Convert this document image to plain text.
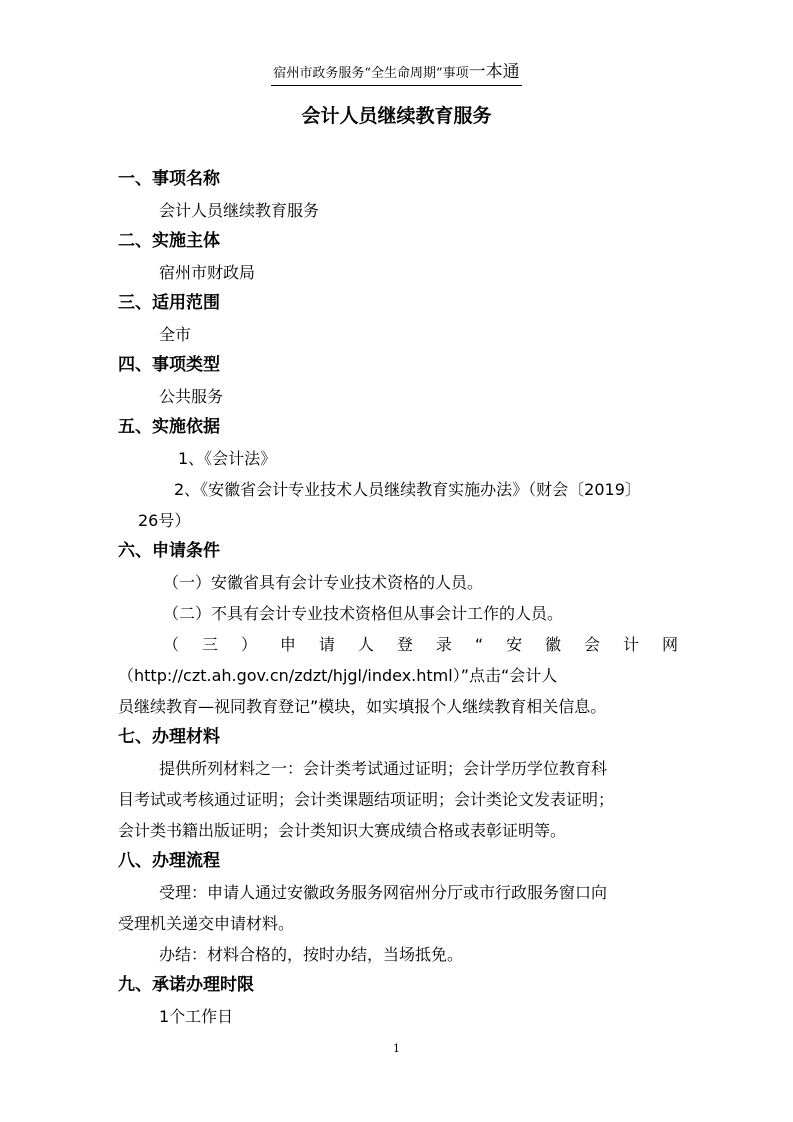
宿州市政务服务“全生命周期”事项一本通
会计人员继续教育服务
一、事项名称
会计人员继续教育服务
二、实施主体
宿州市财政局
三、适用范围
全市
四、事项类型
公共服务
五、实施依据
1、《会计法》
2、《安徽省会计专业技术人员继续教育实施办法》（财会〔2019〕
26号）
六、申请条件
（一）安徽省具有会计专业技术资格的人员。
（二）不具有会计专业技术资格但从事会计工作的人员。
（三）申请人登录“安徽会计网
（http://czt.ah.gov.cn/zdzt/hjgl/index.html）”点击“会计人
员继续教育—视同教育登记”模块，如实填报个人继续教育相关信息。
七、办理材料
提供所列材料之一：会计类考试通过证明；会计学历学位教育科
目考试或考核通过证明；会计类课题结项证明；会计类论文发表证明；
会计类书籍出版证明；会计类知识大赛成绩合格或表彰证明等。
八、办理流程
受理：申请人通过安徽政务服务网宿州分厅或市行政服务窗口向
受理机关递交申请材料。
办结：材料合格的，按时办结，当场抵免。
九、承诺办理时限
1个工作日
1
